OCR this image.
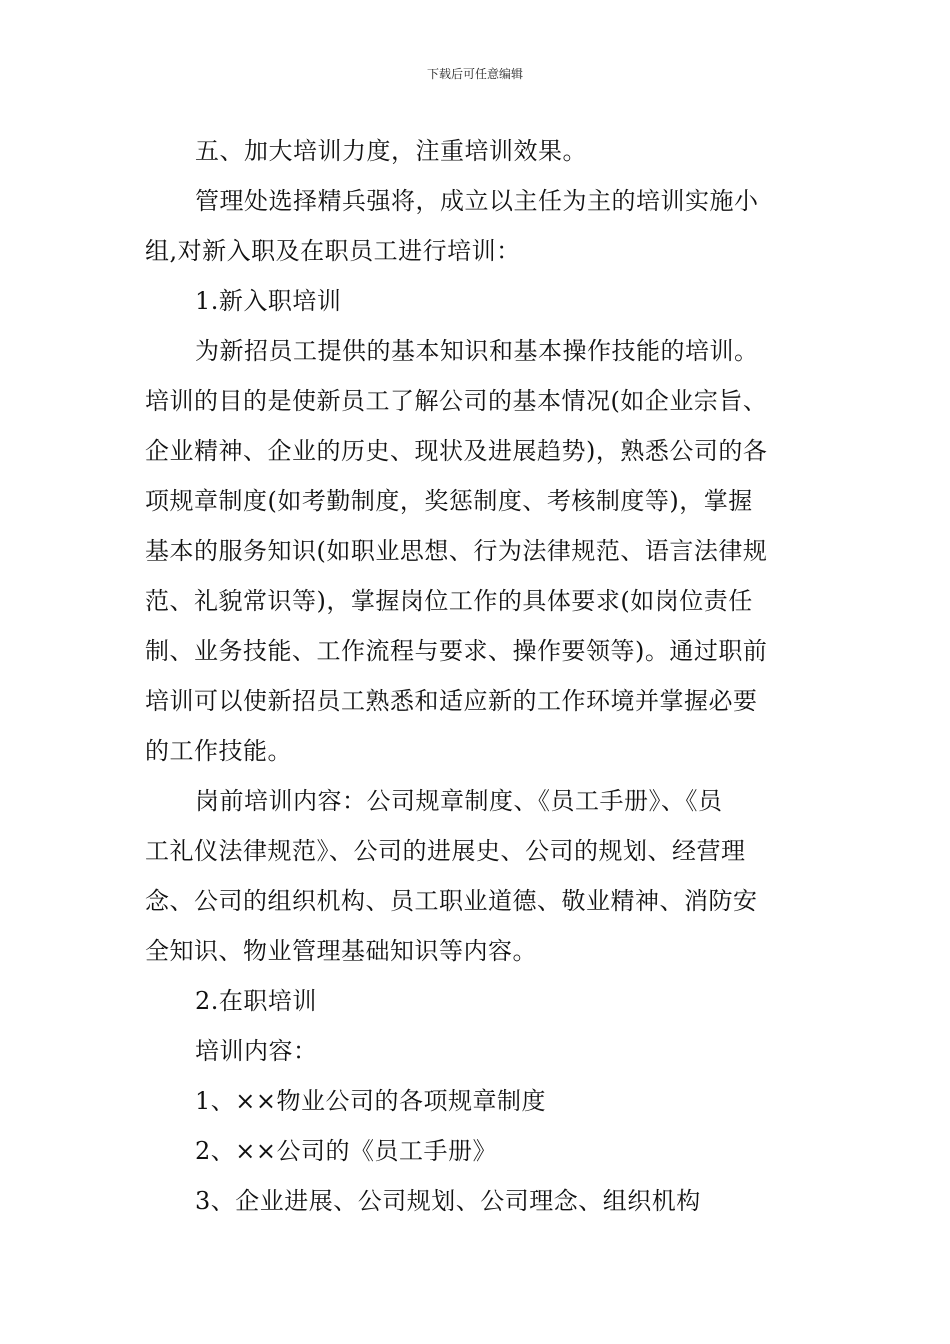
下载后可任意编辑
五、加大培训力度，注重培训效果。
管理处选择精兵强将，成立以主任为主的培训实施小
组,对新入职及在职员工进行培训：
1.新入职培训
为新招员工提供的基本知识和基本操作技能的培训。
培训的目的是使新员工了解公司的基本情况(如企业宗旨、
企业精神、企业的历史、现状及进展趋势)，熟悉公司的各
项规章制度(如考勤制度，奖惩制度、考核制度等)，掌握
基本的服务知识(如职业思想、行为法律规范、语言法律规
范、礼貌常识等)，掌握岗位工作的具体要求(如岗位责任
制、业务技能、工作流程与要求、操作要领等)。通过职前
培训可以使新招员工熟悉和适应新的工作环境并掌握必要
的工作技能。
岗前培训内容：公司规章制度、《员工手册》、《员
工礼仪法律规范》、公司的进展史、公司的规划、经营理
念、公司的组织机构、员工职业道德、敬业精神、消防安
全知识、物业管理基础知识等内容。
2.在职培训
培训内容：
1、××物业公司的各项规章制度
2、××公司的《员工手册》
3、企业进展、公司规划、公司理念、组织机构
